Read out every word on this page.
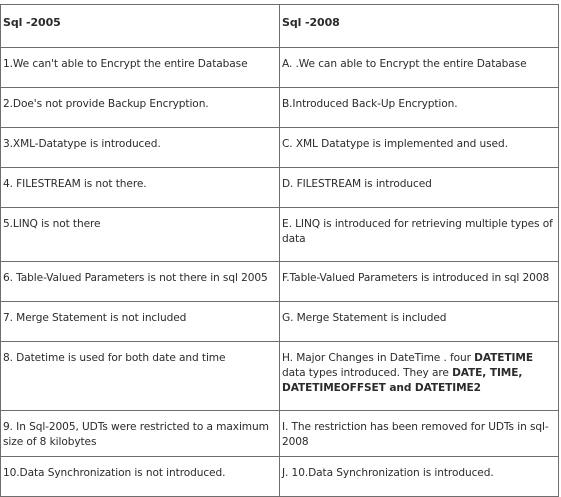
Sql -2005	Sql -2008
1.We can't able to Encrypt the entire Database	A. .We can able to Encrypt the entire Database
2.Doe's not provide Backup Encryption.	B.Introduced Back-Up Encryption.
3.XML-Datatype is introduced.	C. XML Datatype is implemented and used.
4. FILESTREAM is not there.	D. FILESTREAM is introduced
5.LINQ is not there	E. LINQ is introduced for retrieving multiple types of data
6. Table-Valued Parameters is not there in sql 2005	F.Table-Valued Parameters is introduced in sql 2008
7. Merge Statement is not included	G. Merge Statement is included
8. Datetime is used for both date and time	H. Major Changes in DateTime . four DATETIME data types introduced. They are DATE, TIME, DATETIMEOFFSET and DATETIME2
9. In Sql-2005, UDTs were restricted to a maximum size of 8 kilobytes	I. The restriction has been removed for UDTs in sql-2008
10.Data Synchronization is not introduced.	J. 10.Data Synchronization is introduced.
